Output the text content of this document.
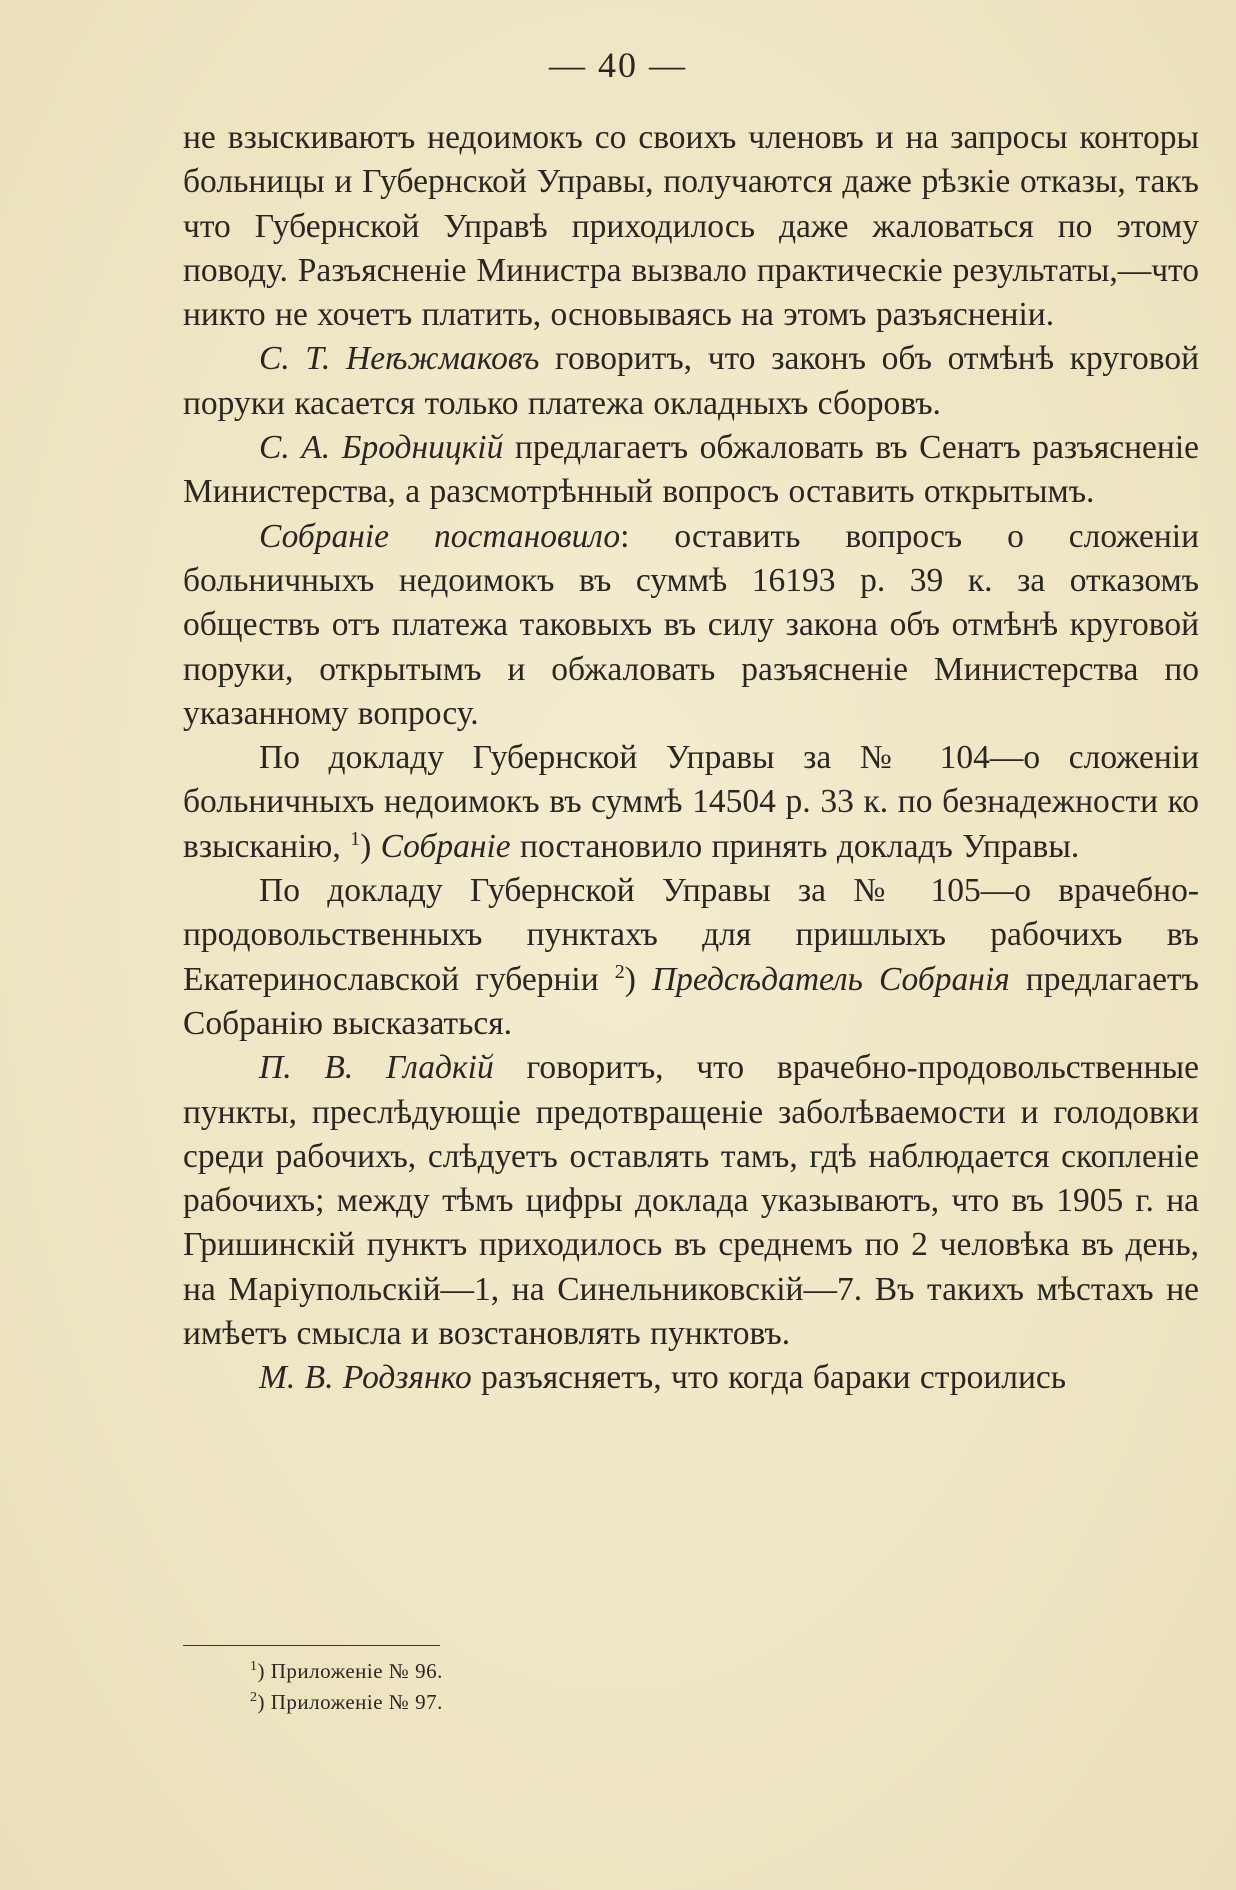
— 40 —

не взыскиваютъ недоимокъ со своихъ членовъ и на запросы конторы больницы и Губернской Управы, получаются даже рѣзкіе отказы, такъ что Губернской Управѣ приходилось даже жаловаться по этому поводу. Разъясненіе Министра вызвало практическіе результаты,—что никто не хочетъ платить, основываясь на этомъ разъясненіи.

С. Т. Неѣжмаковъ говоритъ, что законъ объ отмѣнѣ круговой поруки касается только платежа окладныхъ сборовъ.

С. А. Бродницкій предлагаетъ обжаловать въ Сенатъ разъясненіе Министерства, а разсмотрѣнный вопросъ оставить открытымъ.

Собраніе постановило: оставить вопросъ о сложеніи больничныхъ недоимокъ въ суммѣ 16193 р. 39 к. за отказомъ обществъ отъ платежа таковыхъ въ силу закона объ отмѣнѣ круговой поруки, открытымъ и обжаловать разъясненіе Министерства по указанному вопросу.

По докладу Губернской Управы за № 104—о сложеніи больничныхъ недоимокъ въ суммѣ 14504 р. 33 к. по безнадежности ко взысканію, $^1$) Собраніе постановило принять докладъ Управы.

По докладу Губернской Управы за № 105—о врачебно-продовольственныхъ пунктахъ для пришлыхъ рабочихъ въ Екатеринославской губерніи $^2$) Предсѣдатель Собранія предлагаетъ Собранію высказаться.

П. В. Гладкій говоритъ, что врачебно-продовольственные пункты, преслѣдующіе предотвращеніе заболѣваемости и голодовки среди рабочихъ, слѣдуетъ оставлять тамъ, гдѣ наблюдается скопленіе рабочихъ; между тѣмъ цифры доклада указываютъ, что въ 1905 г. на Гришинскій пунктъ приходилось въ среднемъ по 2 человѣка въ день, на Маріупольскій—1, на Синельниковскій—7. Въ такихъ мѣстахъ не имѣетъ смысла и возстановлять пунктовъ.

М. В. Родзянко разъясняетъ, что когда бараки строились

$^1$) Приложеніе № 96.
$^2$) Приложеніе № 97.
